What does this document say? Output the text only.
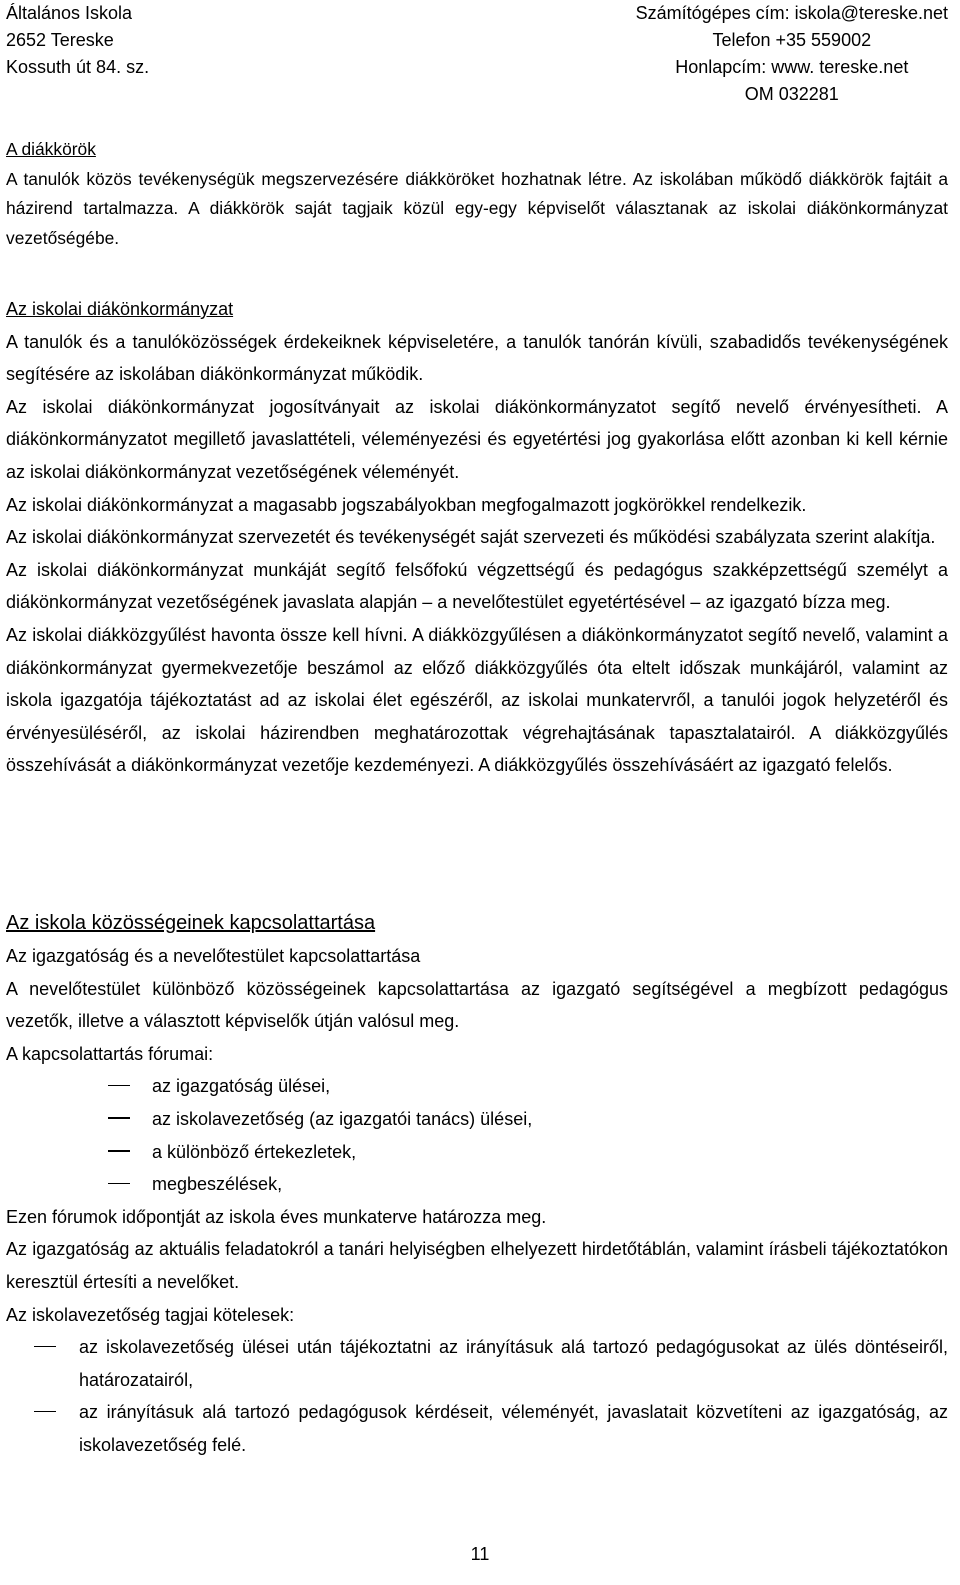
Általános Iskola
2652 Tereske
Kossuth út 84. sz.
Számítógépes cím: iskola@tereske.net
Telefon +35 559002
Honlapcím: www. tereske.net
OM 032281

A diákkörök

A tanulók közös tevékenységük megszervezésére diákköröket hozhatnak létre. Az iskolában működő diákkörök fajtáit a házirend tartalmazza. A diákkörök saját tagjaik közül egy-egy képviselőt választanak az iskolai diákönkormányzat vezetőségébe.

Az iskolai diákönkormányzat

A tanulók és a tanulóközösségek érdekeiknek képviseletére, a tanulók tanórán kívüli, szabadidős tevékenységének segítésére az iskolában diákönkormányzat működik.

Az iskolai diákönkormányzat jogosítványait az iskolai diákönkormányzatot segítő nevelő érvényesítheti. A diákönkormányzatot megillető javaslattételi, véleményezési és egyetértési jog gyakorlása előtt azonban ki kell kérnie az iskolai diákönkormányzat vezetőségének véleményét.

Az iskolai diákönkormányzat a magasabb jogszabályokban megfogalmazott jogkörökkel rendelkezik.

Az iskolai diákönkormányzat szervezetét és tevékenységét saját szervezeti és működési szabályzata szerint alakítja.

Az iskolai diákönkormányzat munkáját segítő felsőfokú végzettségű és pedagógus szakképzettségű személyt a diákönkormányzat vezetőségének javaslata alapján – a nevelőtestület egyetértésével – az igazgató bízza meg.

Az iskolai diákközgyűlést havonta össze kell hívni. A diákközgyűlésen a diákönkormányzatot segítő nevelő, valamint a diákönkormányzat gyermekvezetője beszámol az előző diákközgyűlés óta eltelt időszak munkájáról, valamint az iskola igazgatója tájékoztatást ad az iskolai élet egészéről, az iskolai munkatervről, a tanulói jogok helyzetéről és érvényesüléséről, az iskolai házirendben meghatározottak végrehajtásának tapasztalatairól. A diákközgyűlés összehívását a diákönkormányzat vezetője kezdeményezi. A diákközgyűlés összehívásáért az igazgató felelős.

Az iskola közösségeinek kapcsolattartása

Az igazgatóság és a nevelőtestület kapcsolattartása

A nevelőtestület különböző közösségeinek kapcsolattartása az igazgató segítségével a megbízott pedagógus vezetők, illetve a választott képviselők útján valósul meg.

A kapcsolattartás fórumai:

az igazgatóság ülései,
az iskolavezetőség (az igazgatói tanács) ülései,
a különböző értekezletek,
megbeszélések,

Ezen fórumok időpontját az iskola éves munkaterve határozza meg.

Az igazgatóság az aktuális feladatokról a tanári helyiségben elhelyezett hirdetőtáblán, valamint írásbeli tájékoztatókon keresztül értesíti a nevelőket.

Az iskolavezetőség tagjai kötelesek:

az iskolavezetőség ülései után tájékoztatni az irányításuk alá tartozó pedagógusokat az ülés döntéseiről, határozatairól,
az irányításuk alá tartozó pedagógusok kérdéseit, véleményét, javaslatait közvetíteni az igazgatóság, az iskolavezetőség felé.
11
